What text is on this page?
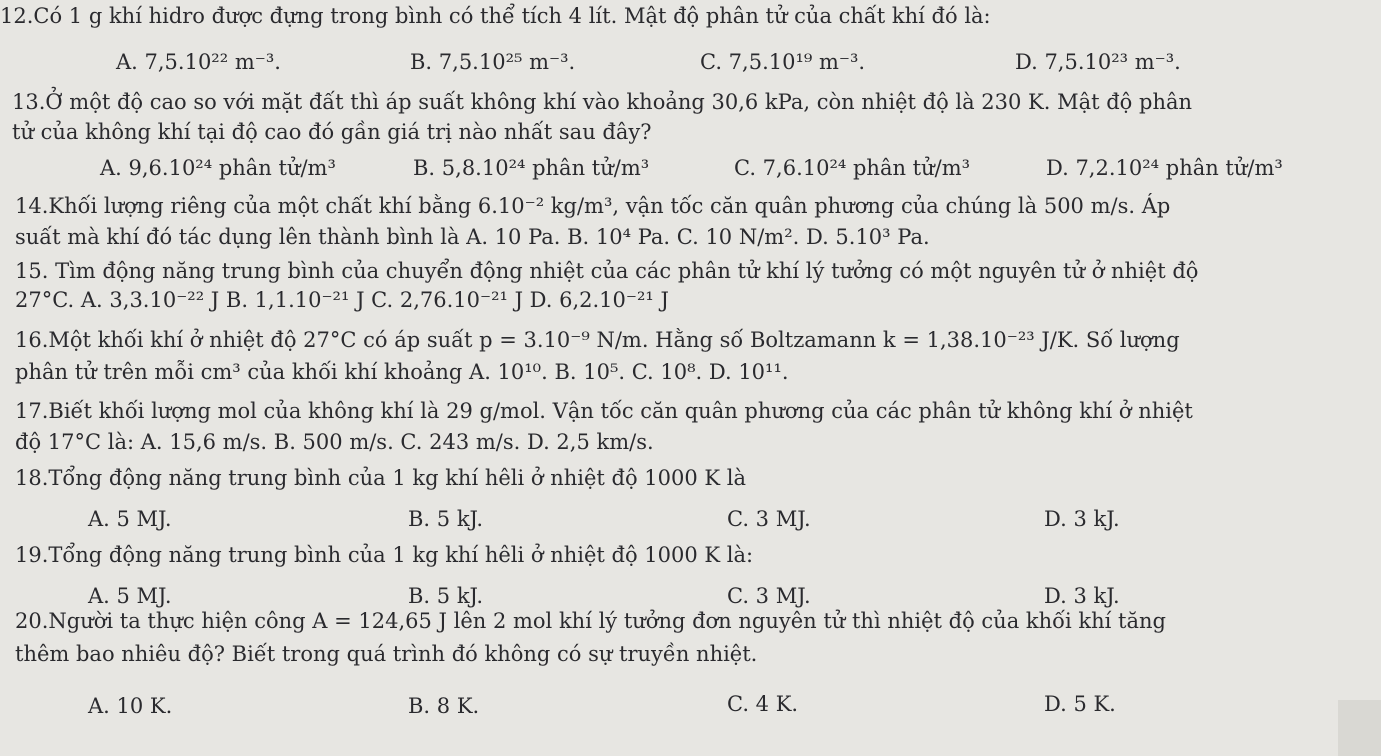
12.Có 1 g khí hidro được đựng trong bình có thể tích 4 lít. Mật độ phân tử của chất khí đó là:
A. 7,5.10²² m⁻³.	B. 7,5.10²⁵ m⁻³.	C. 7,5.10¹⁹ m⁻³.	D. 7,5.10²³ m⁻³.
13.Ở một độ cao so với mặt đất thì áp suất không khí vào khoảng 30,6 kPa, còn nhiệt độ là 230 K. Mật độ phân
tử của không khí tại độ cao đó gần giá trị nào nhất sau đây?
A. 9,6.10²⁴ phân tử/m³	B. 5,8.10²⁴ phân tử/m³	C. 7,6.10²⁴ phân tử/m³	D. 7,2.10²⁴ phân tử/m³
14.Khối lượng riêng của một chất khí bằng 6.10⁻² kg/m³, vận tốc căn quân phương của chúng là 500 m/s. Áp
suất mà khí đó tác dụng lên thành bình là A. 10 Pa. B. 10⁴ Pa. C. 10 N/m². D. 5.10³ Pa.
15. Tìm động năng trung bình của chuyển động nhiệt của các phân tử khí lý tưởng có một nguyên tử ở nhiệt độ
27°C. A. 3,3.10⁻²² J B. 1,1.10⁻²¹ J C. 2,76.10⁻²¹ J D. 6,2.10⁻²¹ J
16.Một khối khí ở nhiệt độ 27°C có áp suất p = 3.10⁻⁹ N/m. Hằng số Boltzamann k = 1,38.10⁻²³ J/K. Số lượng
phân tử trên mỗi cm³ của khối khí khoảng A. 10¹⁰. B. 10⁵. C. 10⁸. D. 10¹¹.
17.Biết khối lượng mol của không khí là 29 g/mol. Vận tốc căn quân phương của các phân tử không khí ở nhiệt
độ 17°C là: A. 15,6 m/s. B. 500 m/s. C. 243 m/s. D. 2,5 km/s.
18.Tổng động năng trung bình của 1 kg khí hêli ở nhiệt độ 1000 K là
A. 5 MJ.	B. 5 kJ.	C. 3 MJ.	D. 3 kJ.
19.Tổng động năng trung bình của 1 kg khí hêli ở nhiệt độ 1000 K là:
A. 5 MJ.	B. 5 kJ.	C. 3 MJ.	D. 3 kJ.
20.Người ta thực hiện công A = 124,65 J lên 2 mol khí lý tưởng đơn nguyên tử thì nhiệt độ của khối khí tăng
thêm bao nhiêu độ? Biết trong quá trình đó không có sự truyền nhiệt.
A. 10 K.	B. 8 K.	C. 4 K.	D. 5 K.
